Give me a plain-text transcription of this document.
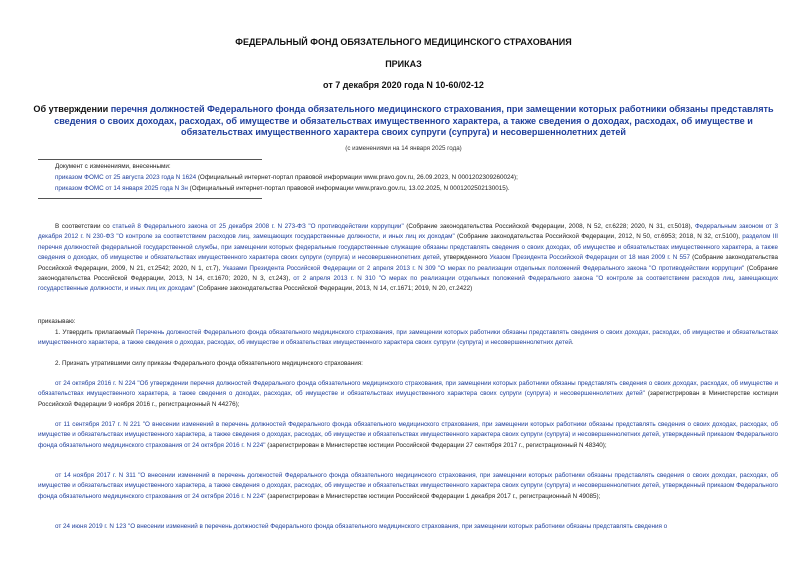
ФЕДЕРАЛЬНЫЙ ФОНД ОБЯЗАТЕЛЬНОГО МЕДИЦИНСКОГО СТРАХОВАНИЯ
ПРИКАЗ
от 7 декабря 2020 года N 10-60/02-12
Об утверждении перечня должностей Федерального фонда обязательного медицинского страхования, при замещении которых работники обязаны представлять сведения о своих доходах, расходах, об имуществе и обязательствах имущественного характера, а также сведения о доходах, расходах, об имуществе и обязательствах имущественного характера своих супруги (супруга) и несовершеннолетних детей
(с изменениями на 14 января 2025 года)
Документ с изменениями, внесенными:
приказом ФОМС от 25 августа 2023 года N 1624 (Официальный интернет-портал правовой информации www.pravo.gov.ru, 26.09.2023, N 0001202309260024);
приказом ФОМС от 14 января 2025 года N 3н (Официальный интернет-портал правовой информации www.pravo.gov.ru, 13.02.2025, N 0001202502130015).
В соответствии со статьей 8 Федерального закона от 25 декабря 2008 г. N 273-ФЗ "О противодействии коррупции" (Собрание законодательства Российской Федерации, 2008, N 52, ст.6228; 2020, N 31, ст.5018), Федеральным законом от 3 декабря 2012 г. N 230-ФЗ "О контроле за соответствием расходов лиц, замещающих государственные должности, и иных лиц их доходам" (Собрание законодательства Российской Федерации, 2012, N 50, ст.6953; 2018, N 32, ст.5100), разделом III перечня должностей федеральной государственной службы, при замещении которых федеральные государственные служащие обязаны представлять сведения о своих доходах, об имуществе и обязательствах имущественного характера, а также сведения о доходах, об имуществе и обязательствах имущественного характера своих супруги (супруга) и несовершеннолетних детей, утвержденного Указом Президента Российской Федерации от 18 мая 2009 г. N 557 (Собрание законодательства Российской Федерации, 2009, N 21, ст.2542; 2020, N 1, ст.7), Указами Президента Российской Федерации от 2 апреля 2013 г. N 309 "О мерах по реализации отдельных положений Федерального закона "О противодействии коррупции" (Собрание законодательства Российской Федерации, 2013, N 14, ст.1670; 2020, N 3, ст.243), от 2 апреля 2013 г. N 310 "О мерах по реализации отдельных положений Федерального закона "О контроле за соответствием расходов лиц, замещающих государственные должности, и иных лиц их доходам" (Собрание законодательства Российской Федерации, 2013, N 14, ст.1671; 2019, N 20, ст.2422)
приказываю:
1. Утвердить прилагаемый Перечень должностей Федерального фонда обязательного медицинского страхования, при замещении которых работники обязаны представлять сведения о своих доходах, расходах, об имуществе и обязательствах имущественного характера, а также сведения о доходах, расходах, об имуществе и обязательствах имущественного характера своих супруги (супруга) и несовершеннолетних детей.
2. Признать утратившими силу приказы Федерального фонда обязательного медицинского страхования:
от 24 октября 2016 г. N 224 "Об утверждении перечня должностей Федерального фонда обязательного медицинского страхования, при замещении которых работники обязаны представлять сведения о своих доходах, расходах, об имуществе и обязательствах имущественного характера, а также сведения о доходах, расходах, об имуществе и обязательствах имущественного характера своих супруги (супруга) и несовершеннолетних детей" (зарегистрирован в Министерстве юстиции Российской Федерации 9 ноября 2016 г., регистрационный N 44276);
от 11 сентября 2017 г. N 221 "О внесении изменений в перечень должностей Федерального фонда обязательного медицинского страхования, при замещении которых работники обязаны представлять сведения о своих доходах, расходах, об имуществе и обязательствах имущественного характера, а также сведения о доходах, расходах, об имуществе и обязательствах имущественного характера своих супруги (супруга) и несовершеннолетних детей, утвержденный приказом Федерального фонда обязательного медицинского страхования от 24 октября 2016 г. N 224" (зарегистрирован в Министерстве юстиции Российской Федерации 27 сентября 2017 г., регистрационный N 48340);
от 14 ноября 2017 г. N 311 "О внесении изменений в перечень должностей Федерального фонда обязательного медицинского страхования, при замещении которых работники обязаны представлять сведения о своих доходах, расходах, об имуществе и обязательствах имущественного характера, а также сведения о доходах, расходах, об имуществе и обязательствах имущественного характера своих супруги (супруга) и несовершеннолетних детей, утвержденный приказом Федерального фонда обязательного медицинского страхования от 24 октября 2016 г. N 224" (зарегистрирован в Министерстве юстиции Российской Федерации 1 декабря 2017 г., регистрационный N 49085);
от 24 июня 2019 г. N 123 "О внесении изменений в перечень должностей Федерального фонда обязательного медицинского страхования, при замещении которых работники обязаны представлять сведения о
